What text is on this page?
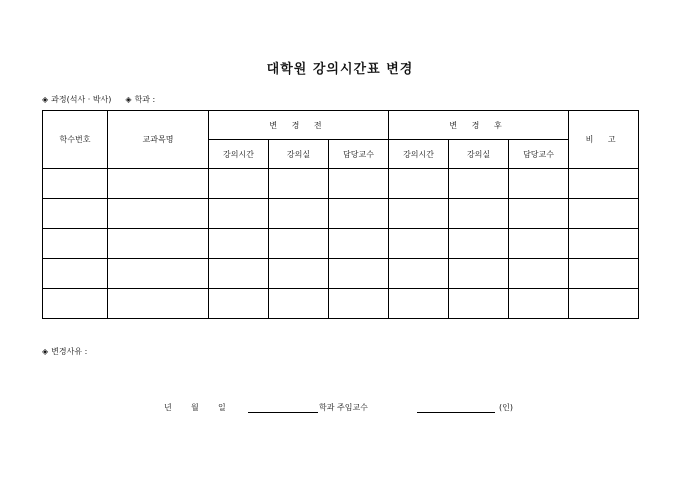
대학원 강의시간표 변경
◈ 과정(석사 · 박사) ◈ 학과 :
학수번호	교과목명	변 경 전			변 경 후			비 고
		강의시간	강의실	담당교수	강의시간	강의실	담당교수	

◈ 변경사유 :
년 월 일	학과 주임교수	(인)
